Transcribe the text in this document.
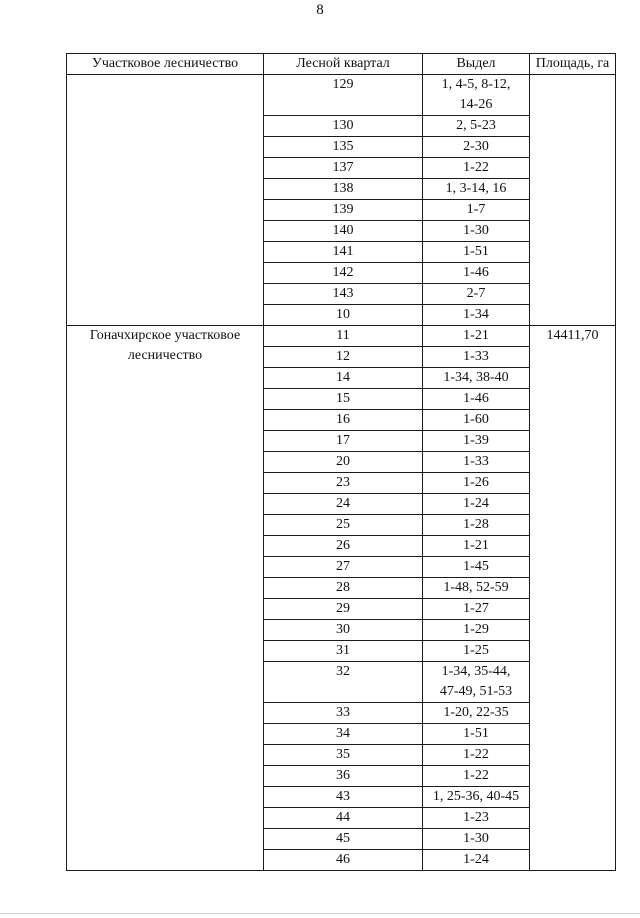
8
Участковое лесничество	Лесной квартал	Выдел	Площадь, га
	129	1, 4-5, 8-12,
14-26	

	130	2, 5-23	

	135	2-30	

	137	1-22	

	138	1, 3-14, 16	

	139	1-7	

	140	1-30	

	141	1-51	

	142	1-46	

	143	2-7	

	10	1-34	

Гоначхирское участковое
лесничество	11	1-21	14411,70
	12	1-33	

	14	1-34, 38-40	

	15	1-46	

	16	1-60	

	17	1-39	

	20	1-33	

	23	1-26	

	24	1-24	

	25	1-28	

	26	1-21	

	27	1-45	

	28	1-48, 52-59	

	29	1-27	

	30	1-29	

	31	1-25	

	32	1-34, 35-44,
47-49, 51-53	

	33	1-20, 22-35	

	34	1-51	

	35	1-22	

	36	1-22	

	43	1, 25-36, 40-45	

	44	1-23	

	45	1-30	

	46	1-24	
